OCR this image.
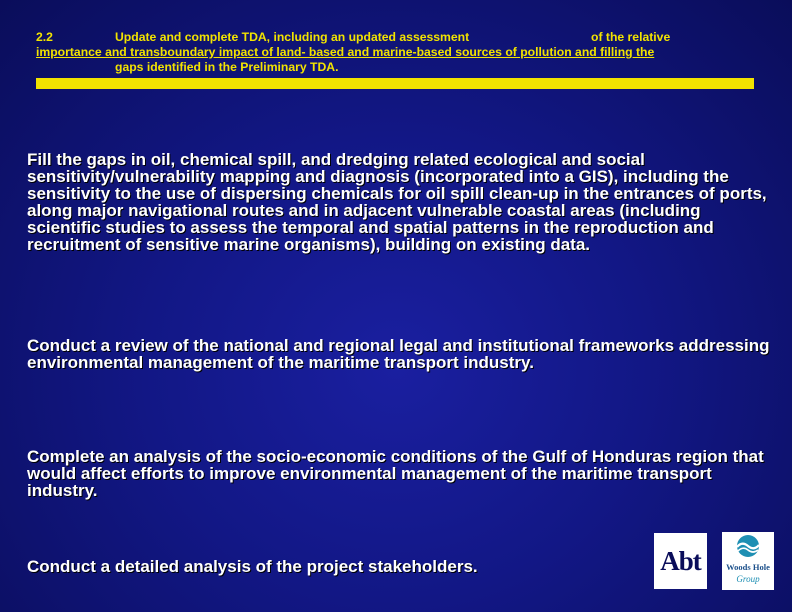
2.2	Update and complete TDA, including an updated assessment	of the relative
importance and transboundary impact of land- based and marine-based sources of pollution and filling the
gaps identified in the Preliminary TDA.
Fill the gaps in oil, chemical spill, and dredging related ecological and social sensitivity/vulnerability mapping and diagnosis (incorporated into a GIS), including the sensitivity to the use of dispersing chemicals for oil spill clean-up in the entrances of ports, along major navigational routes and in adjacent vulnerable coastal areas (including scientific studies to assess the temporal and spatial patterns in the reproduction and recruitment of sensitive marine organisms), building on existing data.
Conduct a review of the national and regional legal and institutional frameworks addressing environmental management of the maritime transport industry.
Complete an analysis of the socio-economic conditions of the Gulf of Honduras region that would affect efforts to improve environmental management of the maritime transport industry.
Conduct a detailed analysis of the project stakeholders.	Abt	Woods Hole
Group
